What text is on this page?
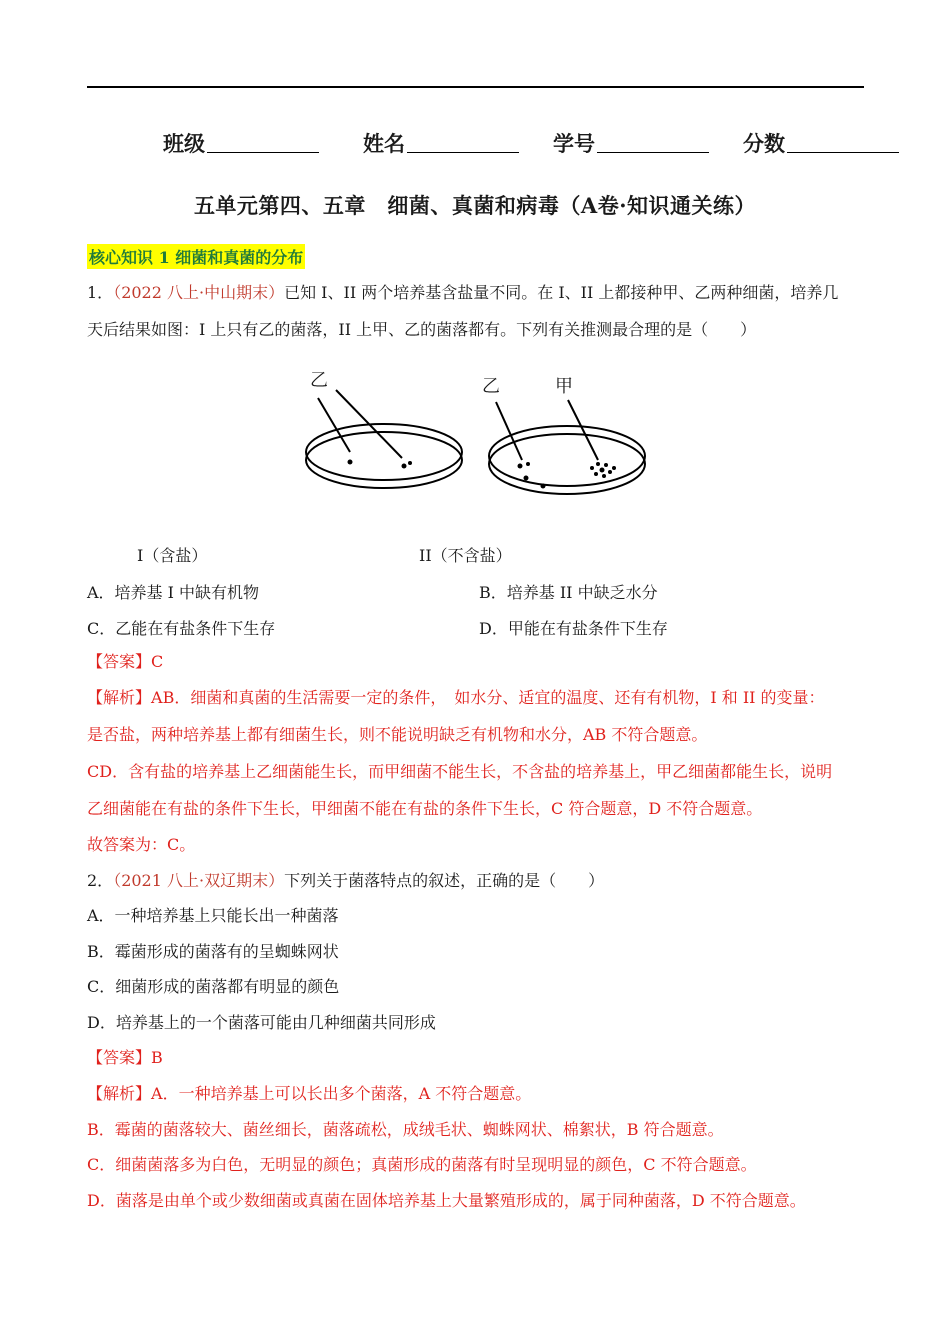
班级	姓名	学号	分数
五单元第四、五章　细菌、真菌和病毒（A卷·知识通关练）
核心知识 1 细菌和真菌的分布
1．（2022 八上·中山期末）已知 I、II 两个培养基含盐量不同。在 I、II 上都接种甲、乙两种细菌，培养几
天后结果如图：I 上只有乙的菌落，II 上甲、乙的菌落都有。下列有关推测最合理的是（　　）
乙	乙	甲
I（含盐）	II（不含盐）
A．培养基 I 中缺有机物	B．培养基 II 中缺乏水分
C．乙能在有盐条件下生存	D．甲能在有盐条件下生存
【答案】C
【解析】AB．细菌和真菌的生活需要一定的条件，　如水分、适宜的温度、还有有机物，I 和 II 的变量：
是否盐，两种培养基上都有细菌生长，则不能说明缺乏有机物和水分，AB 不符合题意。
CD．含有盐的培养基上乙细菌能生长，而甲细菌不能生长，不含盐的培养基上，甲乙细菌都能生长，说明
乙细菌能在有盐的条件下生长，甲细菌不能在有盐的条件下生长，C 符合题意，D 不符合题意。
故答案为：C。
2．（2021 八上·双辽期末）下列关于菌落特点的叙述，正确的是（　　）
A．一种培养基上只能长出一种菌落
B．霉菌形成的菌落有的呈蜘蛛网状
C．细菌形成的菌落都有明显的颜色
D．培养基上的一个菌落可能由几种细菌共同形成
【答案】B
【解析】A．一种培养基上可以长出多个菌落，A 不符合题意。
B．霉菌的菌落较大、菌丝细长，菌落疏松，成绒毛状、蜘蛛网状、棉絮状，B 符合题意。
C．细菌菌落多为白色，无明显的颜色；真菌形成的菌落有时呈现明显的颜色，C 不符合题意。
D．菌落是由单个或少数细菌或真菌在固体培养基上大量繁殖形成的，属于同种菌落，D 不符合题意。
